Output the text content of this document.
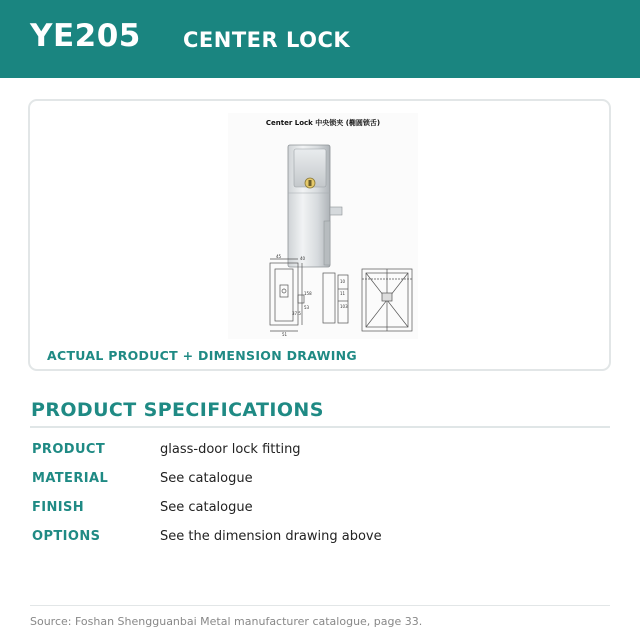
YE205 CENTER LOCK
Center Lock 中央锁夹 (椭圆锁舌)
40
45
158
53
37.5
51
10
11
103
ACTUAL PRODUCT + DIMENSION DRAWING
PRODUCT SPECIFICATIONS
PRODUCT	glass-door lock fitting
MATERIAL	See catalogue
FINISH	See catalogue
OPTIONS	See the dimension drawing above
Source: Foshan Shengguanbai Metal manufacturer catalogue, page 33.
